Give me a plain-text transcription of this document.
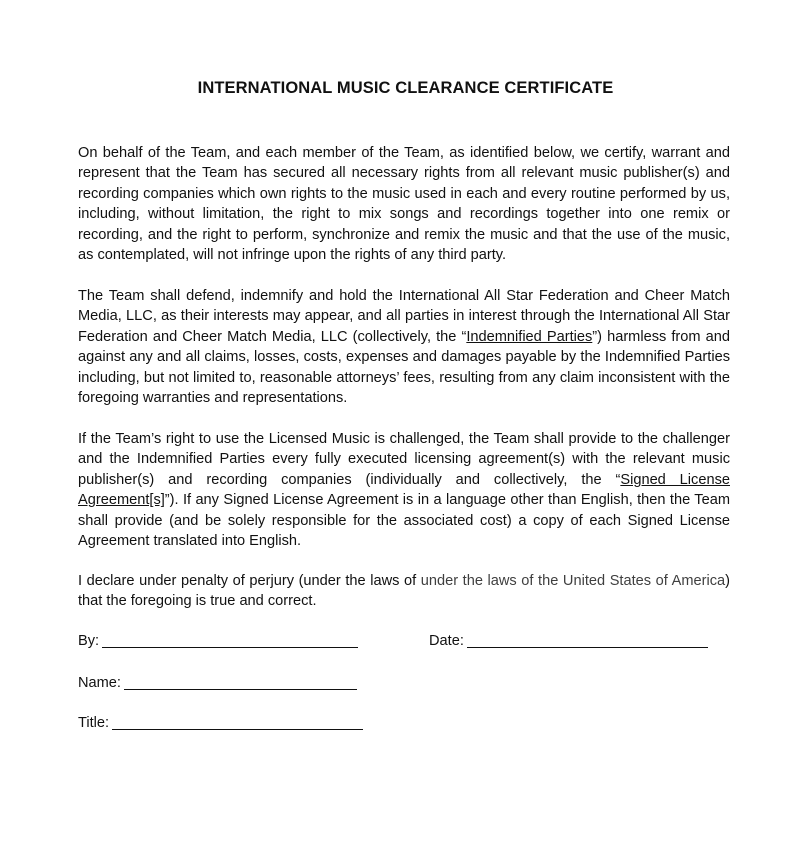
INTERNATIONAL MUSIC CLEARANCE CERTIFICATE

On behalf of the Team, and each member of the Team, as identified below, we certify, warrant and represent that the Team has secured all necessary rights from all relevant music publisher(s) and recording companies which own rights to the music used in each and every routine performed by us, including, without limitation, the right to mix songs and recordings together into one remix or recording, and the right to perform, synchronize and remix the music and that the use of the music, as contemplated, will not infringe upon the rights of any third party.

The Team shall defend, indemnify and hold the International All Star Federation and Cheer Match Media, LLC, as their interests may appear, and all parties in interest through the International All Star Federation and Cheer Match Media, LLC (collectively, the “Indemnified Parties”) harmless from and against any and all claims, losses, costs, expenses and damages payable by the Indemnified Parties including, but not limited to, reasonable attorneys’ fees, resulting from any claim inconsistent with the foregoing warranties and representations.

If the Team’s right to use the Licensed Music is challenged, the Team shall provide to the challenger and the Indemnified Parties every fully executed licensing agreement(s) with the relevant music publisher(s) and recording companies (individually and collectively, the “Signed License Agreement[s]”). If any Signed License Agreement is in a language other than English, then the Team shall provide (and be solely responsible for the associated cost) a copy of each Signed License Agreement translated into English.

I declare under penalty of perjury (under the laws of under the laws of the United States of America) that the foregoing is true and correct.

By:	Date:
Name:
Title:
